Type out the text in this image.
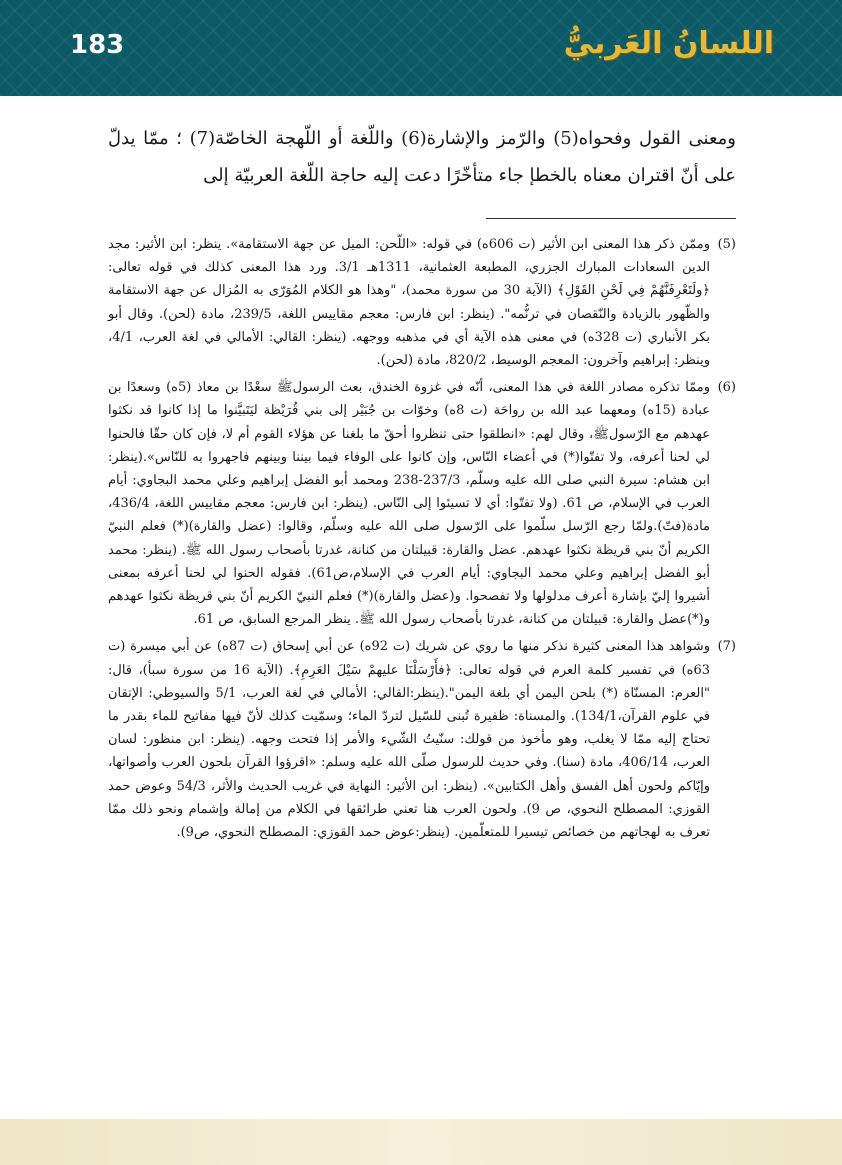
183	اللسانُ العَربيُّ

ومعنى القول وفحواه(5) والرّمز والإشارة(6) واللّغة أو اللّهجة الخاصّة(7) ؛ ممّا يدلّ على أنّ اقتران معناه بالخطإ جاء متأخّرًا دعت إليه حاجة اللّغة العربيّة إلى

(5)
وممّن ذكر هذا المعنى ابن الأثير (ت 606ه) في قوله: «اللّحن: الميل عن جهة الاستقامة». ينظر: ابن الأثير: مجد الدين السعادات المبارك الجزري، المطبعة العثمانية، 1311هـ 3/1. ورد هذا المعنى كذلك في قوله تعالى: ﴿ولَتَعْرِفَنَّهُمْ فِي لَحْنِ القَوْلِ﴾ (الآية 30 من سورة محمد)، "وهذا هو الكلام المُوَرّى به المُزال عن جهة الاستقامة والظّهور بالزيادة والنّقصان في ترنُّمه". (ينظر: ابن فارس: معجم مقاييس اللغة، 239/5، مادة (لحن). وقال أبو بكر الأنباري (ت 328ه) في معنى هذه الآية أي في مذهبه ووجهه. (ينظر: القالي: الأمالي في لغة العرب، 4/1، وينظر: إبراهيم وآخرون: المعجم الوسيط، 820/2، مادة (لحن).
(6)
وممّا تذكره مصادر اللغة في هذا المعنى، أنّه في غزوة الخندق، بعث الرسولﷺ سعْدًا بن معاذ (5ه) وسعدًا بن عبادة (15ه) ومعهما عبد الله بن رواحَة (ت 8ه) وخوّات بن جُبَيْر إلى بني قُرَيْظة ليَتَبيَّنوا ما إذا كانوا قد نكثوا عهدهم مع الرّسولﷺ، وقال لهم: «انطلقوا حتى تنظروا أحقّ ما بلغنا عن هؤلاء القوم أم لا، فإن كان حقّا فالحنوا لي لحنا أعرفه، ولا تفتّوا(*) في أعضاء النّاس، وإن كانوا على الوفاء فيما بيننا وبينهم فاجهروا به للنّاس».(ينظر: ابن هشام: سيرة النبي صلى الله عليه وسلّم، 237/3-238 ومحمد أبو الفضل إبراهيم وعلي محمد البجاوي: أيام العرب في الإسلام، ص 61. (ولا تفتّوا: أي لا تسيئوا إلى النّاس. (ينظر: ابن فارس: معجم مقاييس اللغة، 436/4، مادة(فتّ).ولمّا رجع الرّسل سلّموا على الرّسول صلى الله عليه وسلّم، وقالوا: (عضل والقارة)(*) فعلم النبيّ الكريم أنّ بني قريظة نكثوا عهدهم. عضل والقارة: قبيلتان من كنانة، غدرتا بأصحاب رسول الله ﷺ. (ينظر: محمد أبو الفضل إبراهيم وعلي محمد البجاوي: أيام العرب في الإسلام،ص61). فقوله الحنوا لي لحنا أعرفه بمعنى أشيروا إليّ بإشارة أعرف مدلولها ولا تفصحوا. و(عضل والقارة)(*) فعلم النبيّ الكريم أنّ بني قريظة نكثوا عهدهم و(*)عضل والقارة: قبيلتان من كنانة، غدرتا بأصحاب رسول الله ﷺ. ينظر المرجع السابق، ص 61.
(7)
وشواهد هذا المعنى كثيرة نذكر منها ما روي عن شريك (ت 92ه) عن أبي إسحاق (ت 87ه) عن أبي ميسرة (ت 63ه) في تفسير كلمة العرم في قوله تعالى: ﴿فأَرْسَلْنَا عليهمْ سَيْلَ العَرِمِ﴾. (الآية 16 من سورة سبأ)، قال: "العرم: المسنّاة (*) بلحن اليمن أي بلغة اليمن".(ينظر:القالي: الأمالي في لغة العرب، 5/1 والسيوطي: الإتقان في علوم القرآن،134/1). والمسناة: ظفيرة تُبنى للسّيل لتردّ الماء؛ وسمّيت كذلك لأنّ فيها مفاتيح للماء بقدر ما تحتاج إليه ممّا لا يغلب، وهو مأخوذ من قولك: سنّيتُ الشّيء والأمر إذا فتحت وجهه. (ينظر: ابن منظور: لسان العرب، 406/14، مادة (سنا). وفي حديث للرسول صلّى الله عليه وسلم: «اقرؤوا القرآن بلحون العرب وأصواتها، وإيّاكم ولحون أهل الفسق وأهل الكتابين». (ينظر: ابن الأثير: النهاية في غريب الحديث والأثر، 54/3 وعوض حمد القوزي: المصطلح النحوي، ص 9). ولحون العرب هنا تعني طرائقها في الكلام من إمالة وإشمام ونحو ذلك ممّا تعرف به لهجاتهم من خصائص تيسيرا للمتعلّمين. (ينظر:عوض حمد القوزي: المصطلح النحوي، ص9).
